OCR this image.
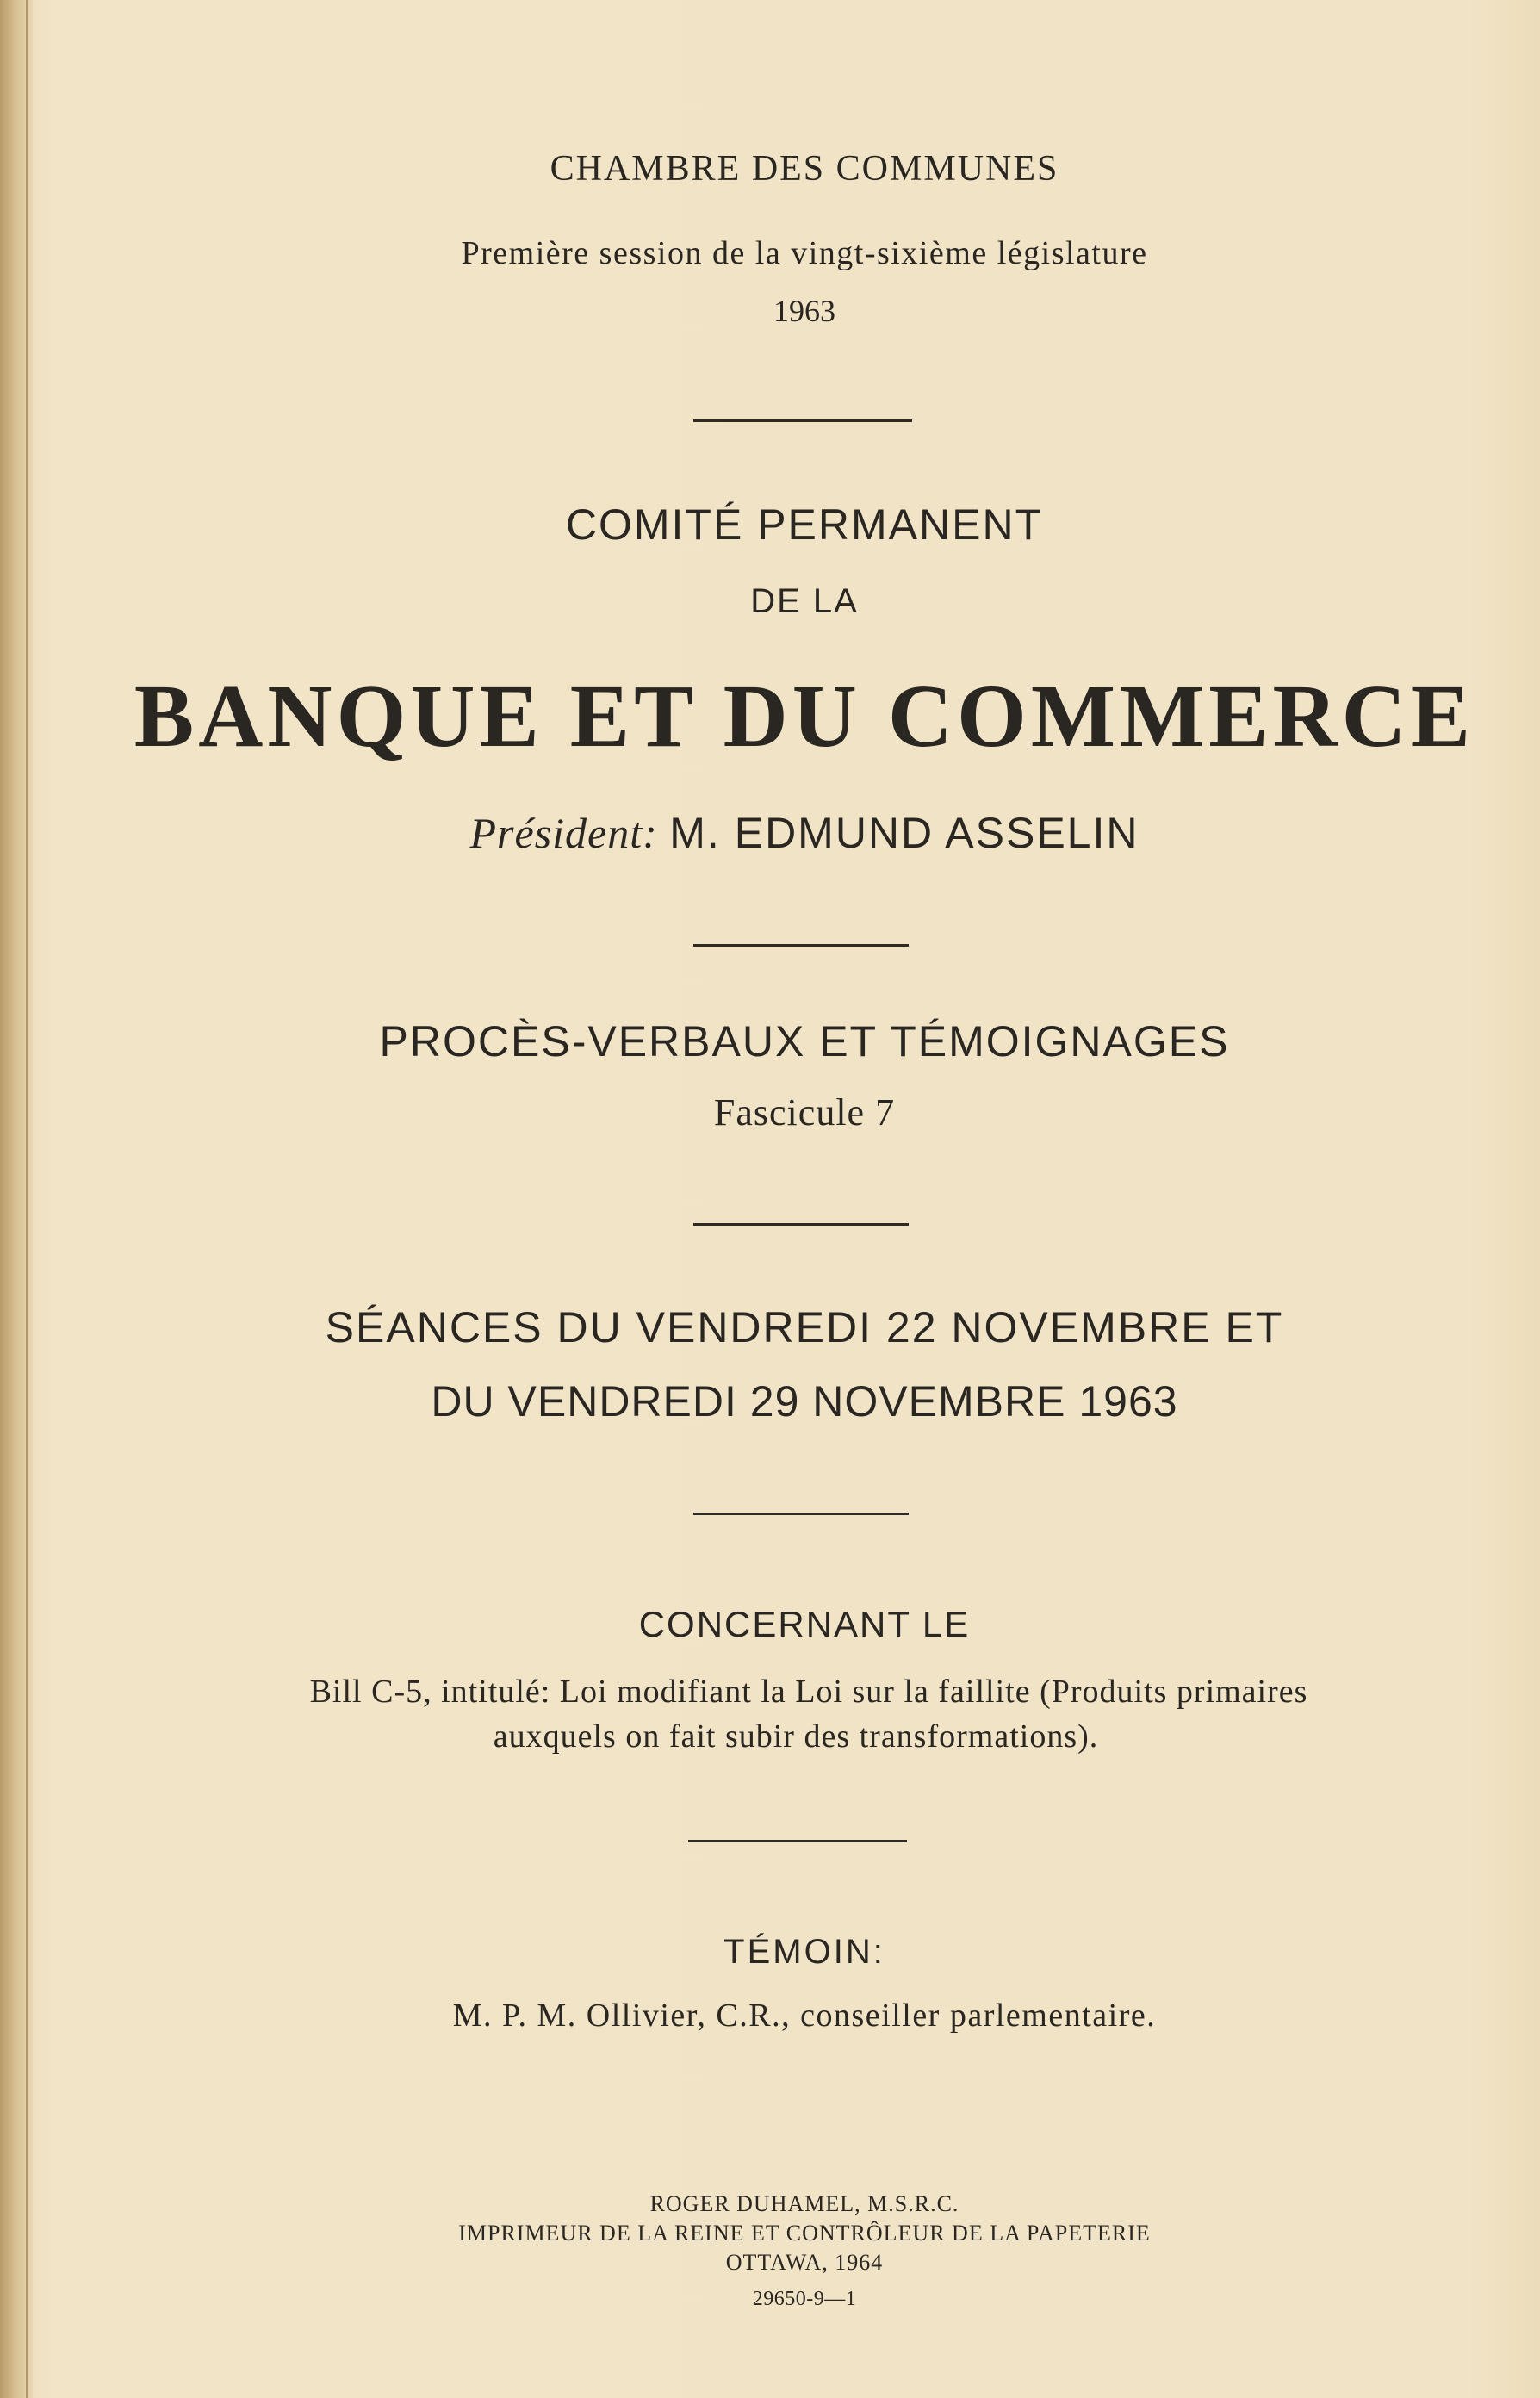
CHAMBRE DES COMMUNES
Première session de la vingt-sixième législature
1963
COMITÉ PERMANENT
DE LA
BANQUE ET DU COMMERCE
Président: M. EDMUND ASSELIN
PROCÈS-VERBAUX ET TÉMOIGNAGES
Fascicule 7
SÉANCES DU VENDREDI 22 NOVEMBRE ET
DU VENDREDI 29 NOVEMBRE 1963
CONCERNANT LE
Bill C-5, intitulé: Loi modifiant la Loi sur la faillite (Produits primaires
auxquels on fait subir des transformations).
TÉMOIN:
M. P. M. Ollivier, C.R., conseiller parlementaire.
ROGER DUHAMEL, M.S.R.C.
IMPRIMEUR DE LA REINE ET CONTRÔLEUR DE LA PAPETERIE
OTTAWA, 1964
29650-9—1
